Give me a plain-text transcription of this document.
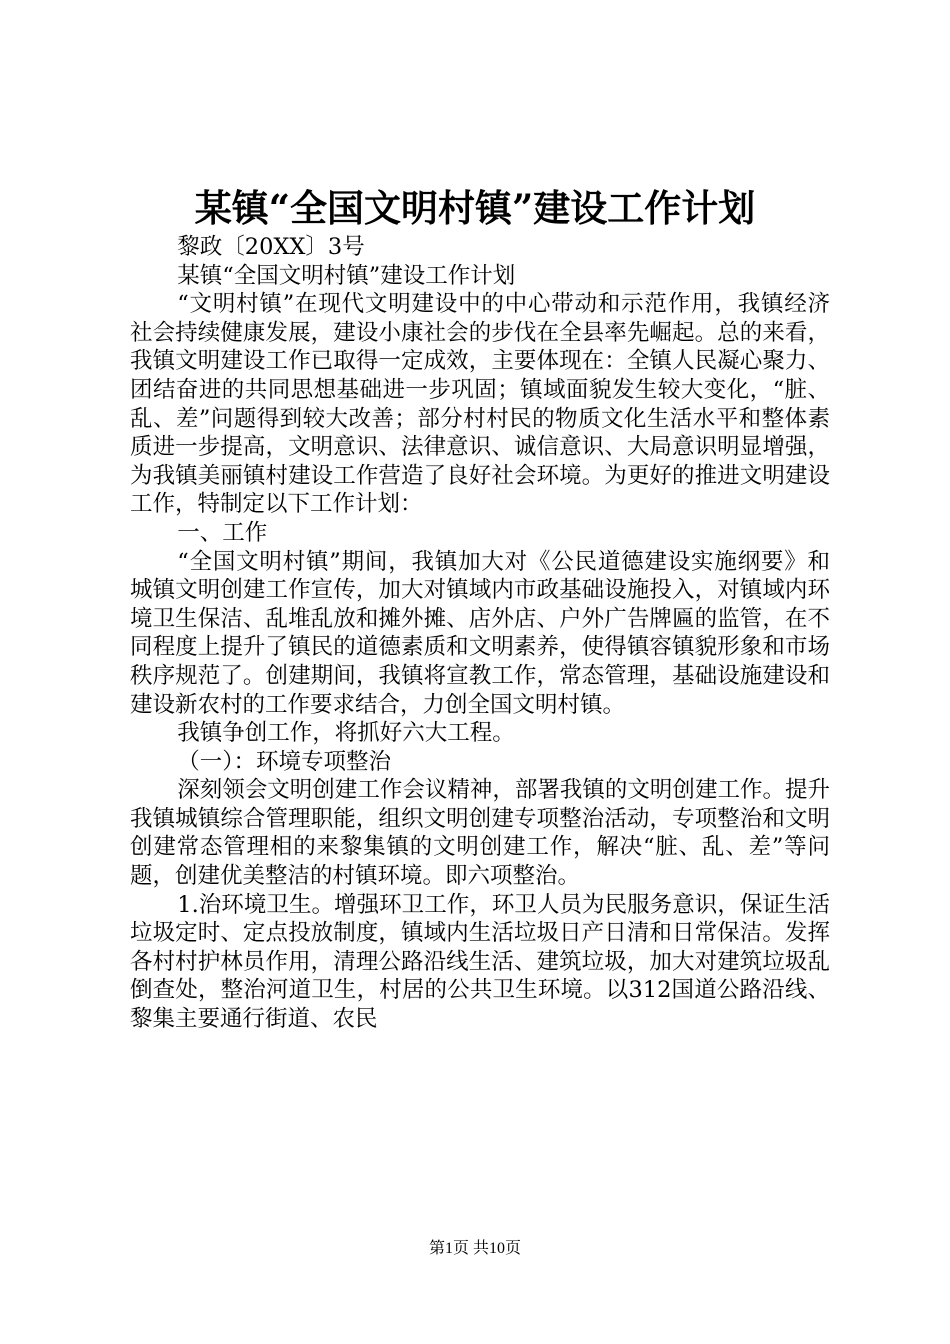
某镇“全国文明村镇”建设工作计划

黎政〔20XX〕3号

某镇“全国文明村镇”建设工作计划

“文明村镇”在现代文明建设中的中心带动和示范作用，我镇经济社会持续健康发展，建设小康社会的步伐在全县率先崛起。总的来看，我镇文明建设工作已取得一定成效，主要体现在：全镇人民凝心聚力、团结奋进的共同思想基础进一步巩固；镇域面貌发生较大变化，“脏、乱、差”问题得到较大改善；部分村村民的物质文化生活水平和整体素质进一步提高，文明意识、法律意识、诚信意识、大局意识明显增强，为我镇美丽镇村建设工作营造了良好社会环境。为更好的推进文明建设工作，特制定以下工作计划：

一、工作

“全国文明村镇”期间，我镇加大对《公民道德建设实施纲要》和城镇文明创建工作宣传，加大对镇域内市政基础设施投入，对镇域内环境卫生保洁、乱堆乱放和摊外摊、店外店、户外广告牌匾的监管，在不同程度上提升了镇民的道德素质和文明素养，使得镇容镇貌形象和市场秩序规范了。创建期间，我镇将宣教工作，常态管理，基础设施建设和建设新农村的工作要求结合，力创全国文明村镇。

我镇争创工作，将抓好六大工程。

（一）：环境专项整治

深刻领会文明创建工作会议精神，部署我镇的文明创建工作。提升我镇城镇综合管理职能，组织文明创建专项整治活动，专项整治和文明创建常态管理相的来黎集镇的文明创建工作，解决“脏、乱、差”等问题，创建优美整洁的村镇环境。即六项整治。

1.治环境卫生。增强环卫工作，环卫人员为民服务意识，保证生活垃圾定时、定点投放制度，镇域内生活垃圾日产日清和日常保洁。发挥各村村护林员作用，清理公路沿线生活、建筑垃圾，加大对建筑垃圾乱倒查处，整治河道卫生，村居的公共卫生环境。以312国道公路沿线、黎集主要通行街道、农民

第1页 共10页
